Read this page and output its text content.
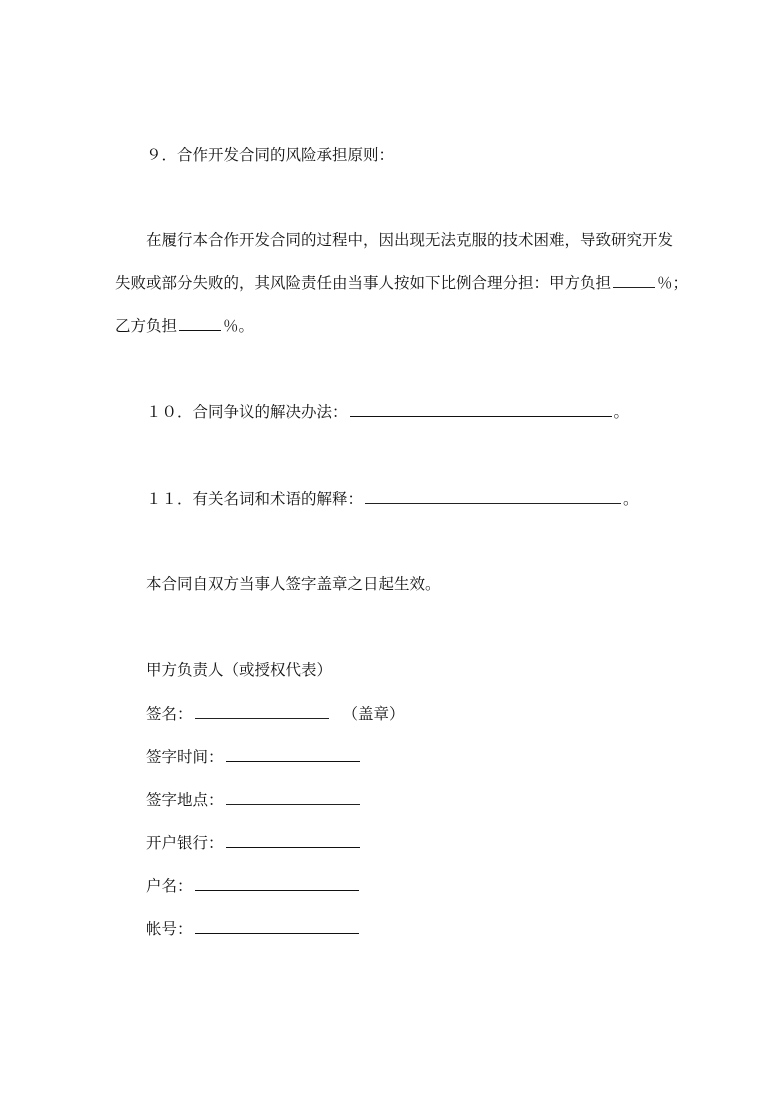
９．合作开发合同的风险承担原则：
在履行本合作开发合同的过程中，因出现无法克服的技术困难，导致研究开发
失败或部分失败的，其风险责任由当事人按如下比例合理分担：甲方负担	％；
乙方负担	％。
１０．合同争议的解决办法：	。
１１．有关名词和术语的解释：	。
本合同自双方当事人签字盖章之日起生效。
甲方负责人（或授权代表）
签名：	（盖章）
签字时间：
签字地点：
开户银行：
户名：
帐号：
